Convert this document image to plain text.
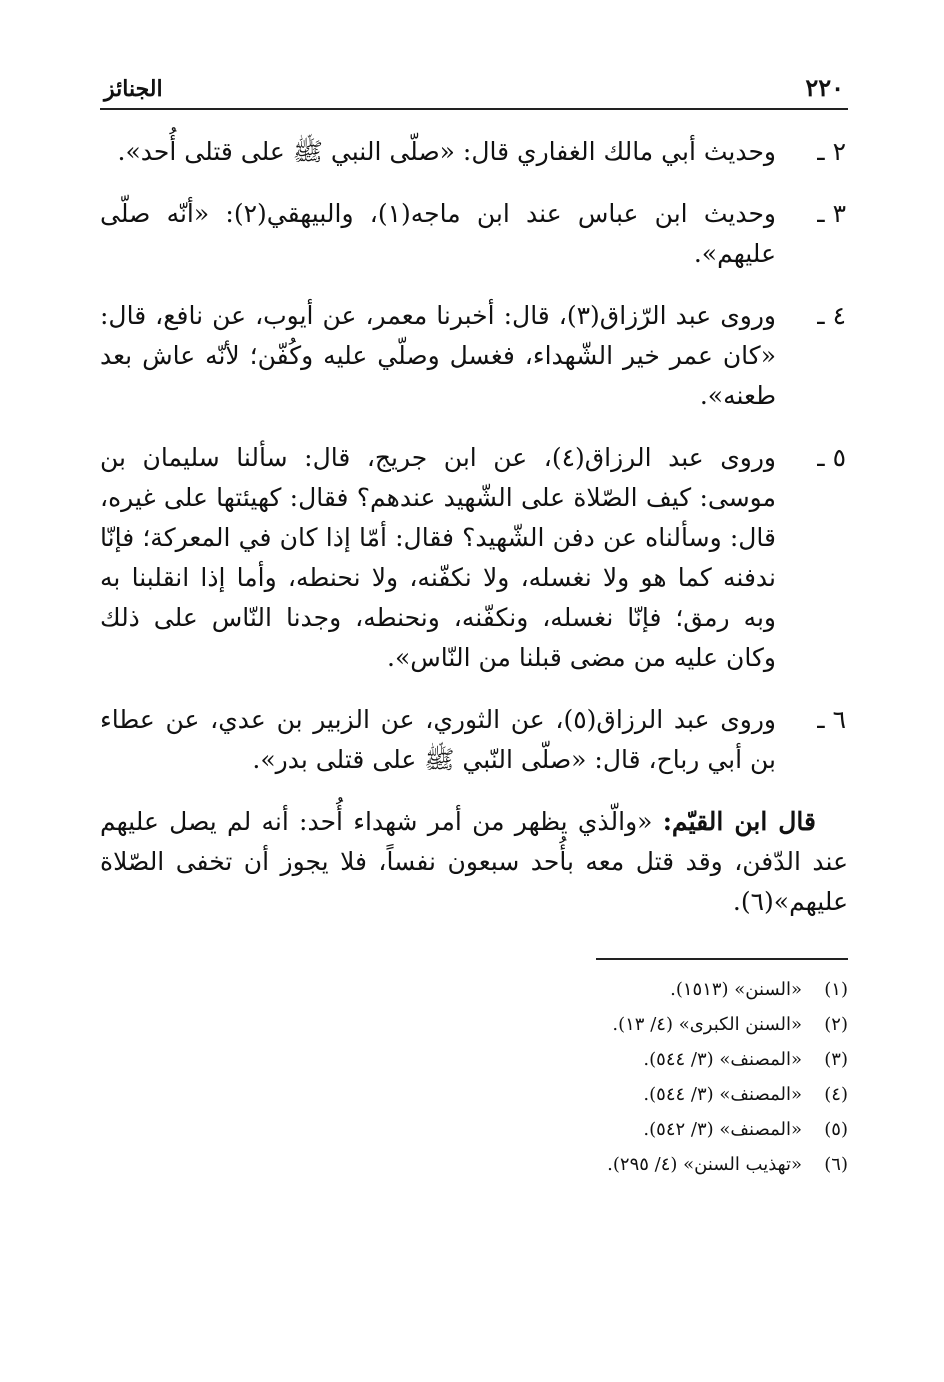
٢٢٠
الجنائز
٢ ـ
وحديث أبي مالك الغفاري قال: «صلّى النبي ﷺ على قتلى أُحد».
٣ ـ
وحديث ابن عباس عند ابن ماجه(١)، والبيهقي(٢): «أنّه صلّى عليهم».
٤ ـ
وروى عبد الرّزاق(٣)، قال: أخبرنا معمر، عن أيوب، عن نافع، قال: «كان عمر خير الشّهداء، فغسل وصلّي عليه وكُفّن؛ لأنّه عاش بعد طعنه».
٥ ـ
وروى عبد الرزاق(٤)، عن ابن جريج، قال: سألنا سليمان بن موسى: كيف الصّلاة على الشّهيد عندهم؟ فقال: كهيئتها على غيره، قال: وسألناه عن دفن الشّهيد؟ فقال: أمّا إذا كان في المعركة؛ فإنّا ندفنه كما هو ولا نغسله، ولا نكفّنه، ولا نحنطه، وأما إذا انقلبنا به وبه رمق؛ فإنّا نغسله، ونكفّنه، ونحنطه، وجدنا النّاس على ذلك وكان عليه من مضى قبلنا من النّاس».
٦ ـ
وروى عبد الرزاق(٥)، عن الثوري، عن الزبير بن عدي، عن عطاء بن أبي رباح، قال: «صلّى النّبي ﷺ على قتلى بدر».
قال ابن القيّم: «والّذي يظهر من أمر شهداء أُحد: أنه لم يصل عليهم عند الدّفن، وقد قتل معه بأُحد سبعون نفساً، فلا يجوز أن تخفى الصّلاة عليهم»(٦).
(١)
«السنن» (١٥١٣).
(٢)
«السنن الكبرى» (٤/ ١٣).
(٣)
«المصنف» (٣/ ٥٤٤).
(٤)
«المصنف» (٣/ ٥٤٤).
(٥)
«المصنف» (٣/ ٥٤٢).
(٦)
«تهذيب السنن» (٤/ ٢٩٥).
